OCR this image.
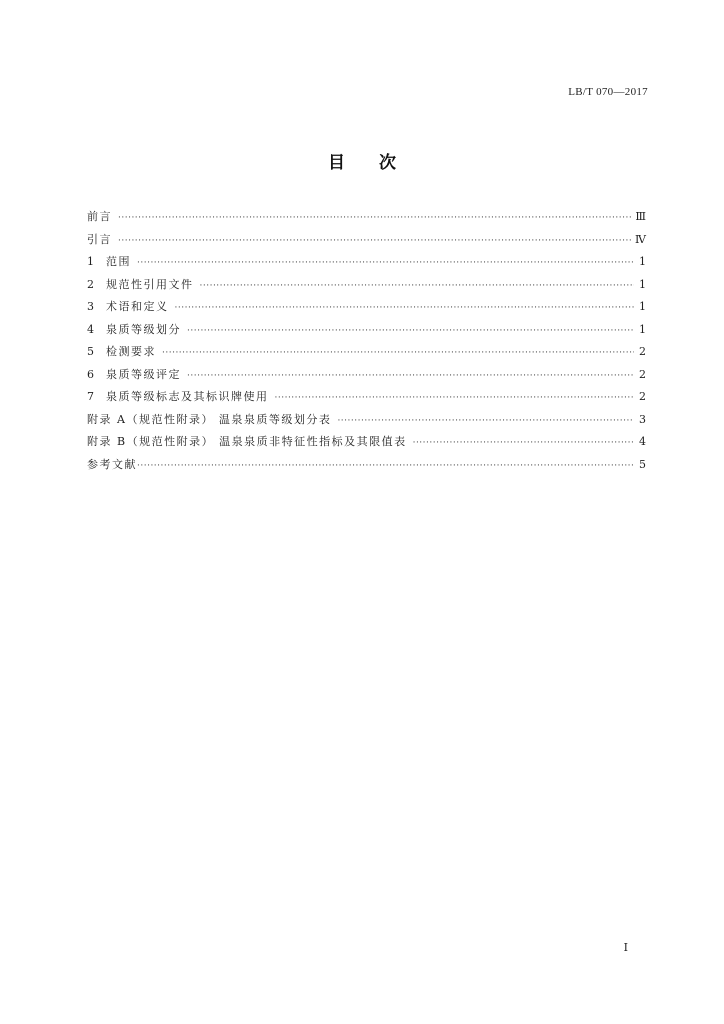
LB/T 070—2017
目 次
前言 ·····	Ⅲ
引言 ·····	Ⅳ
1	范围 ·····	1
2	规范性引用文件 ·····	1
3	术语和定义 ·····	1
4	泉质等级划分 ·····	1
5	检测要求 ·····	2
6	泉质等级评定 ·····	2
7	泉质等级标志及其标识牌使用 ·····	2
附录 A（规范性附录） 温泉泉质等级划分表 ·····	3
附录 B（规范性附录） 温泉泉质非特征性指标及其限值表 ·····	4
参考文献 ·····	5
I
